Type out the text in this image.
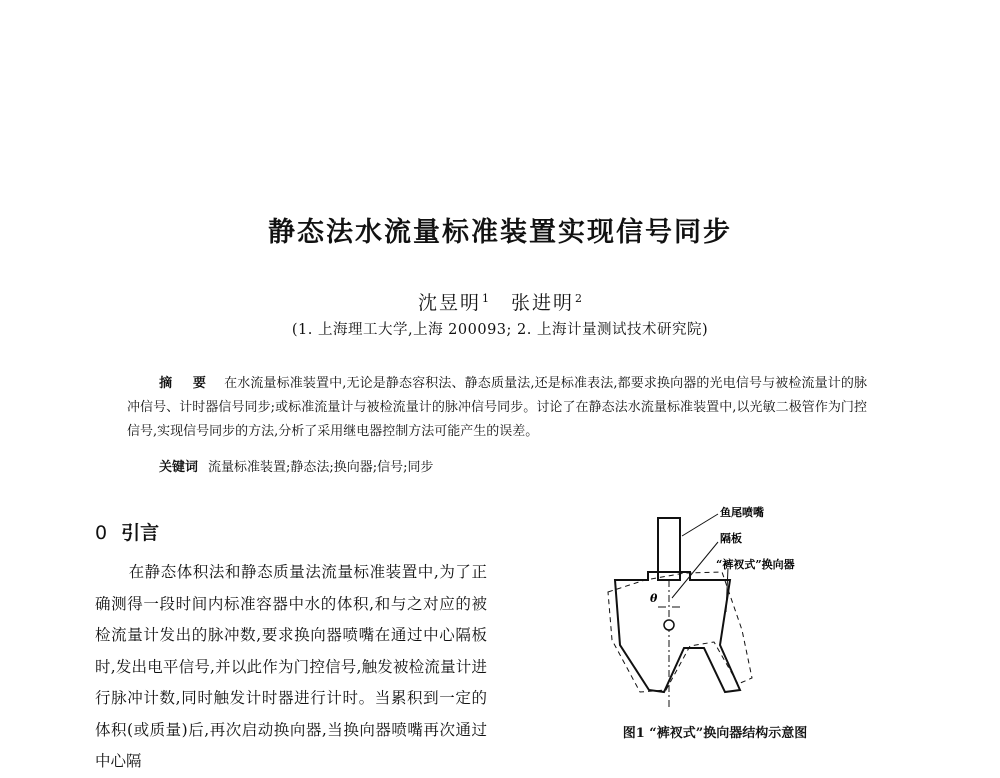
静态法水流量标准装置实现信号同步
沈昱明$^1$ 张进明$^2$
(1. 上海理工大学,上海 200093; 2. 上海计量测试技术研究院)
摘 要 在水流量标准装置中,无论是静态容积法、静态质量法,还是标准表法,都要求换向器的光电信号与被检流量计的脉冲信号、计时器信号同步;或标准流量计与被检流量计的脉冲信号同步。讨论了在静态法水流量标准装置中,以光敏二极管作为门控信号,实现信号同步的方法,分析了采用继电器控制方法可能产生的误差。
关键词 流量标准装置;静态法;换向器;信号;同步
0 引言
在静态体积法和静态质量法流量标准装置中,为了正确测得一段时间内标准容器中水的体积,和与之对应的被检流量计发出的脉冲数,要求换向器喷嘴在通过中心隔板时,发出电平信号,并以此作为门控信号,触发被检流量计进行脉冲计数,同时触发计时器进行计时。当累积到一定的体积(或质量)后,再次启动换向器,当换向器喷嘴再次通过中心隔
θ
鱼尾喷嘴
隔板
“裤衩式”换向器
图1 “裤衩式”换向器结构示意图
